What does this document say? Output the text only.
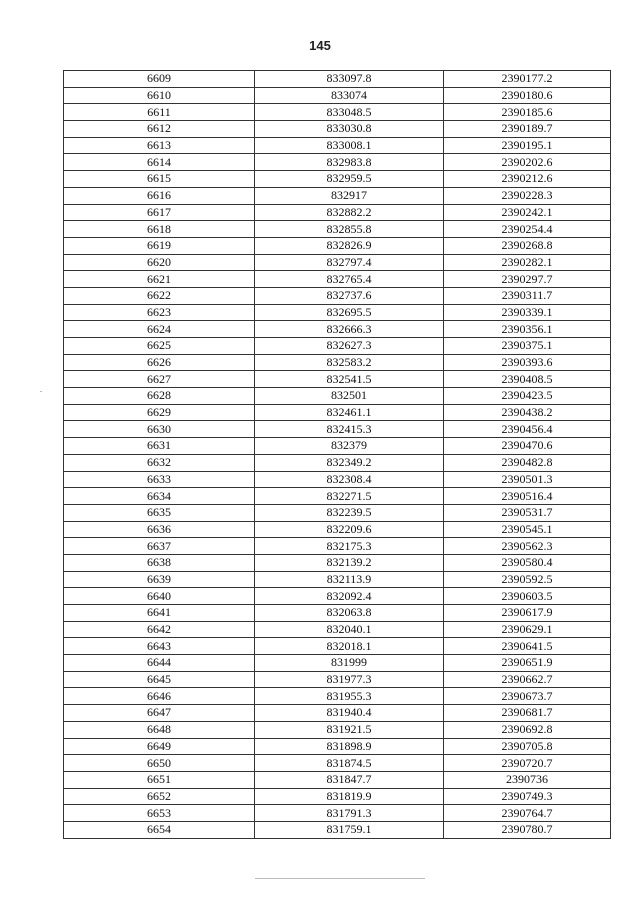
145
6609	833097.8	2390177.2
6610	833074	2390180.6
6611	833048.5	2390185.6
6612	833030.8	2390189.7
6613	833008.1	2390195.1
6614	832983.8	2390202.6
6615	832959.5	2390212.6
6616	832917	2390228.3
6617	832882.2	2390242.1
6618	832855.8	2390254.4
6619	832826.9	2390268.8
6620	832797.4	2390282.1
6621	832765.4	2390297.7
6622	832737.6	2390311.7
6623	832695.5	2390339.1
6624	832666.3	2390356.1
6625	832627.3	2390375.1
6626	832583.2	2390393.6
6627	832541.5	2390408.5
6628	832501	2390423.5
6629	832461.1	2390438.2
6630	832415.3	2390456.4
6631	832379	2390470.6
6632	832349.2	2390482.8
6633	832308.4	2390501.3
6634	832271.5	2390516.4
6635	832239.5	2390531.7
6636	832209.6	2390545.1
6637	832175.3	2390562.3
6638	832139.2	2390580.4
6639	832113.9	2390592.5
6640	832092.4	2390603.5
6641	832063.8	2390617.9
6642	832040.1	2390629.1
6643	832018.1	2390641.5
6644	831999	2390651.9
6645	831977.3	2390662.7
6646	831955.3	2390673.7
6647	831940.4	2390681.7
6648	831921.5	2390692.8
6649	831898.9	2390705.8
6650	831874.5	2390720.7
6651	831847.7	2390736
6652	831819.9	2390749.3
6653	831791.3	2390764.7
6654	831759.1	2390780.7
